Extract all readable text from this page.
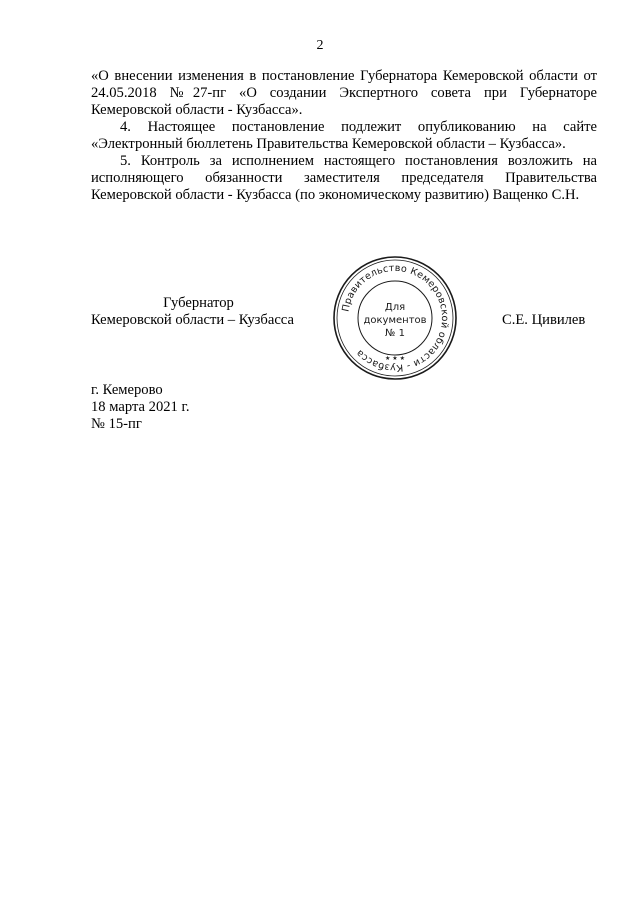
2

«О внесении изменения в постановление Губернатора Кемеровской области от 24.05.2018 №27-пг «О создании Экспертного совета при Губернаторе Кемеровской области - Кузбасса».

4. Настоящее постановление подлежит опубликованию на сайте «Электронный бюллетень Правительства Кемеровской области – Кузбасса».

5. Контроль за исполнением настоящего постановления возложить на исполняющего обязанности заместителя председателя Правительства Кемеровской области - Кузбасса (по экономическому развитию) Ващенко С.Н.

Губернатор
Кемеровской области – Кузбасса
Правительство Кемеровской области - Кузбасса	★ ★ ★
Для
документов
№ 1
С.Е. Цивилев
г. Кемерово
18 марта 2021 г.
№ 15-пг
